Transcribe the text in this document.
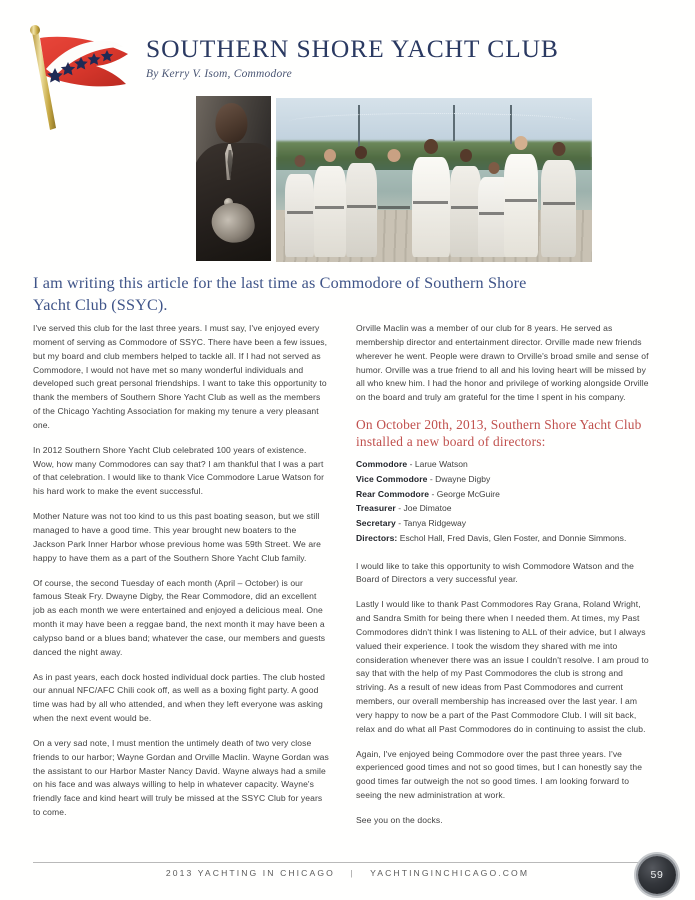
SOUTHERN SHORE YACHT CLUB
By Kerry V. Isom, Commodore
I am writing this article for the last time as Commodore of Southern Shore Yacht Club (SSYC).

I've served this club for the last three years. I must say, I've enjoyed every moment of serving as Commodore of SSYC. There have been a few issues, but my board and club members helped to tackle all. If I had not served as Commodore, I would not have met so many wonderful individuals and developed such great personal friendships. I want to take this opportunity to thank the members of Southern Shore Yacht Club as well as the members of the Chicago Yachting Association for making my tenure a very pleasant one.

In 2012 Southern Shore Yacht Club celebrated 100 years of existence. Wow, how many Commodores can say that? I am thankful that I was a part of that celebration. I would like to thank Vice Commodore Larue Watson for his hard work to make the event successful.

Mother Nature was not too kind to us this past boating season, but we still managed to have a good time. This year brought new boaters to the Jackson Park Inner Harbor whose previous home was 59th Street. We are happy to have them as a part of the Southern Shore Yacht Club family.

Of course, the second Tuesday of each month (April – October) is our famous Steak Fry. Dwayne Digby, the Rear Commodore, did an excellent job as each month we were entertained and enjoyed a delicious meal. One month it may have been a reggae band, the next month it may have been a calypso band or a blues band; whatever the case, our members and guests danced the night away.

As in past years, each dock hosted individual dock parties. The club hosted our annual NFC/AFC Chili cook off, as well as a boxing fight party. A good time was had by all who attended, and when they left everyone was asking when the next event would be.

On a very sad note, I must mention the untimely death of two very close friends to our harbor; Wayne Gordan and Orville Maclin. Wayne Gordan was the assistant to our Harbor Master Nancy David. Wayne always had a smile on his face and was always willing to help in whatever capacity. Wayne's friendly face and kind heart will truly be missed at the SSYC Club for years to come.

Orville Maclin was a member of our club for 8 years. He served as membership director and entertainment director. Orville made new friends wherever he went. People were drawn to Orville's broad smile and sense of humor. Orville was a true friend to all and his loving heart will be missed by all who knew him. I had the honor and privilege of working alongside Orville on the board and truly am grateful for the time I spent in his company.

On October 20th, 2013, Southern Shore Yacht Club installed a new board of directors:
Commodore - Larue Watson
Vice Commodore - Dwayne Digby
Rear Commodore - George McGuire
Treasurer - Joe Dimatoe
Secretary - Tanya Ridgeway
Directors: Eschol Hall, Fred Davis, Glen Foster, and Donnie Simmons.

I would like to take this opportunity to wish Commodore Watson and the Board of Directors a very successful year.

Lastly I would like to thank Past Commodores Ray Grana, Roland Wright, and Sandra Smith for being there when I needed them. At times, my Past Commodores didn't think I was listening to ALL of their advice, but I always valued their experience. I took the wisdom they shared with me into consideration whenever there was an issue I couldn't resolve. I am proud to say that with the help of my Past Commodores the club is strong and striving. As a result of new ideas from Past Commodores and current members, our overall membership has increased over the last year. I am very happy to now be a part of the Past Commodore Club. I will sit back, relax and do what all Past Commodores do in continuing to assist the club.

Again, I've enjoyed being Commodore over the past three years. I've experienced good times and not so good times, but I can honestly say the good times far outweigh the not so good times. I am looking forward to seeing the new administration at work.

See you on the docks.

2013 YACHTING IN CHICAGO | YACHTINGINCHICAGO.COM	59
